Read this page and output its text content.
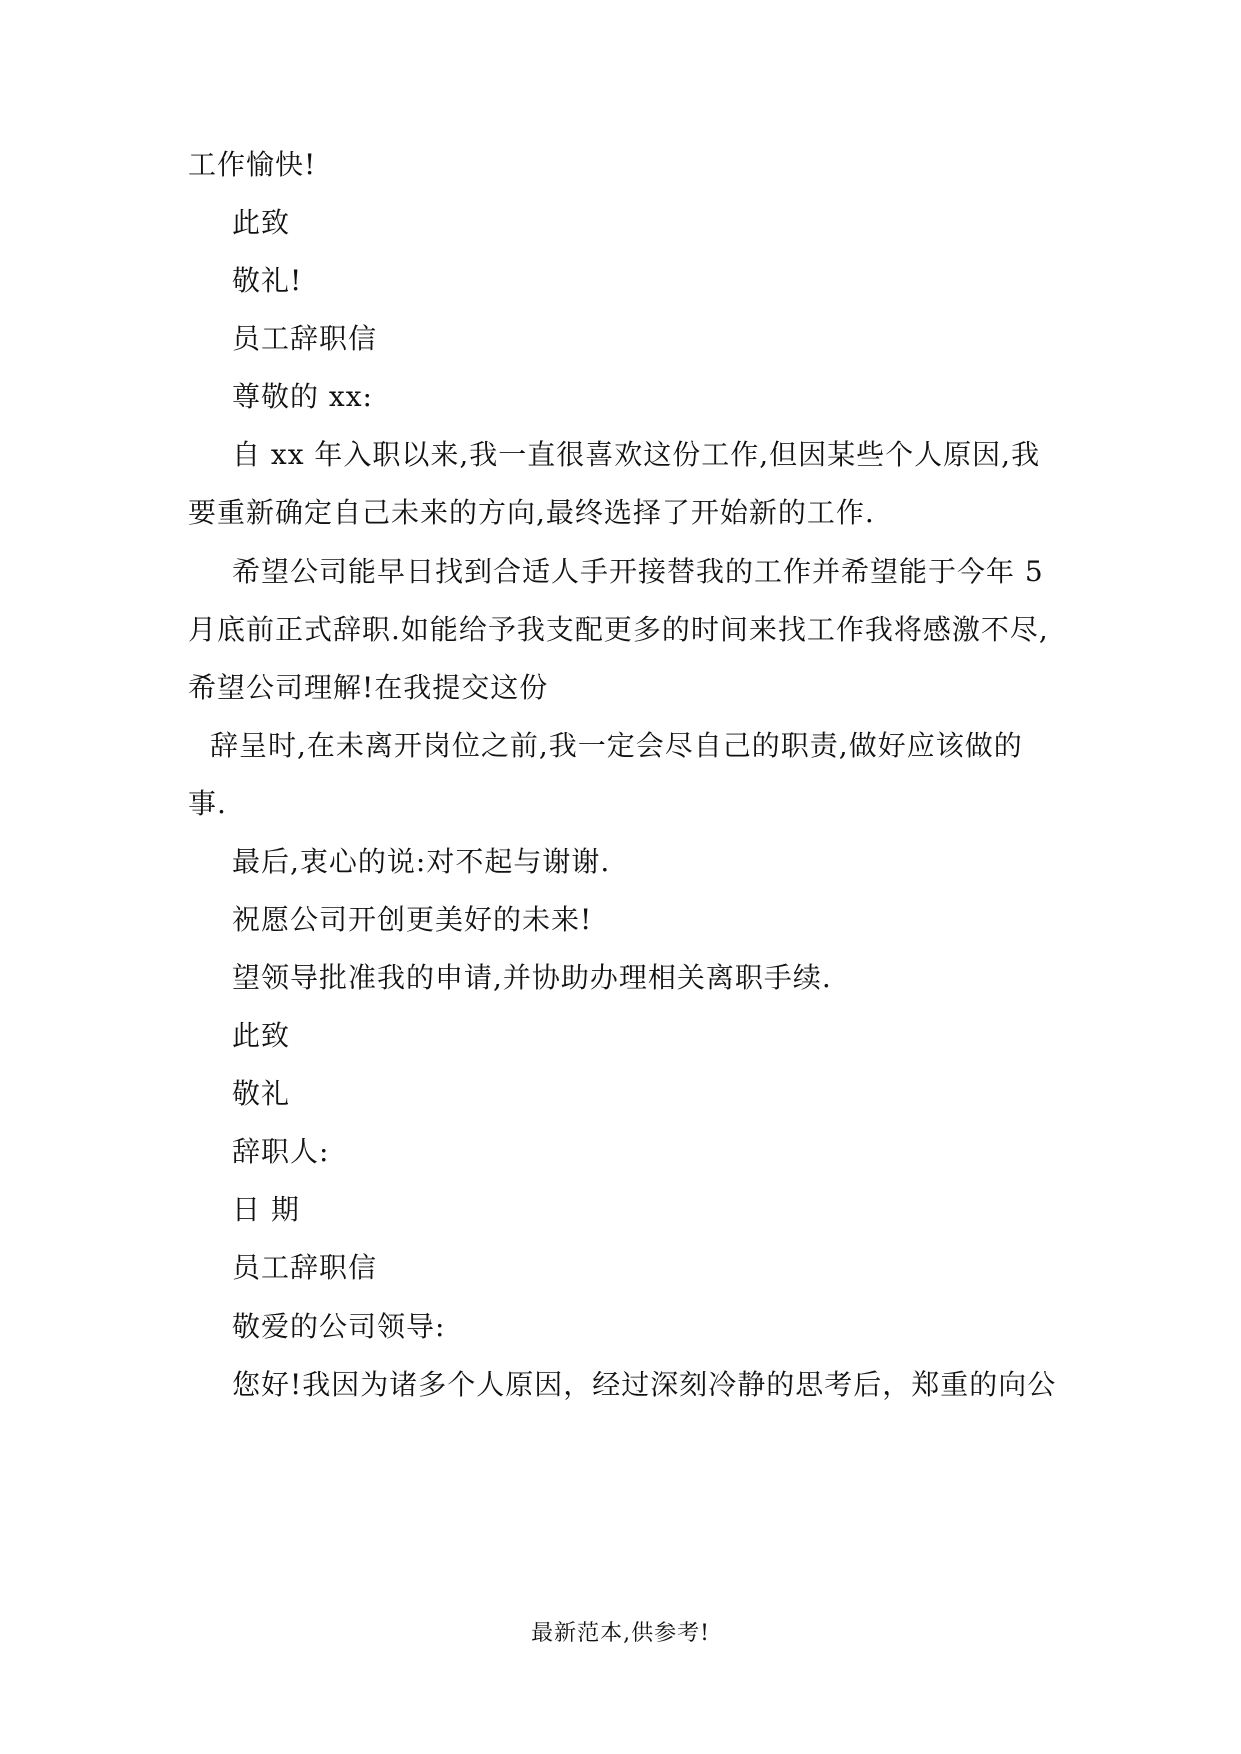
工作愉快!
此致
敬礼!
员工辞职信
尊敬的 xx:
自 xx 年入职以来,我一直很喜欢这份工作,但因某些个人原因,我
要重新确定自己未来的方向,最终选择了开始新的工作.
希望公司能早日找到合适人手开接替我的工作并希望能于今年 5
月底前正式辞职.如能给予我支配更多的时间来找工作我将感激不尽,
希望公司理解!在我提交这份
辞呈时,在未离开岗位之前,我一定会尽自己的职责,做好应该做的
事.
最后,衷心的说:对不起与谢谢.
祝愿公司开创更美好的未来!
望领导批准我的申请,并协助办理相关离职手续.
此致
敬礼
辞职人:
日 期
员工辞职信
敬爱的公司领导:
您好!我因为诸多个人原因，经过深刻冷静的思考后，郑重的向公
最新范本,供参考!
